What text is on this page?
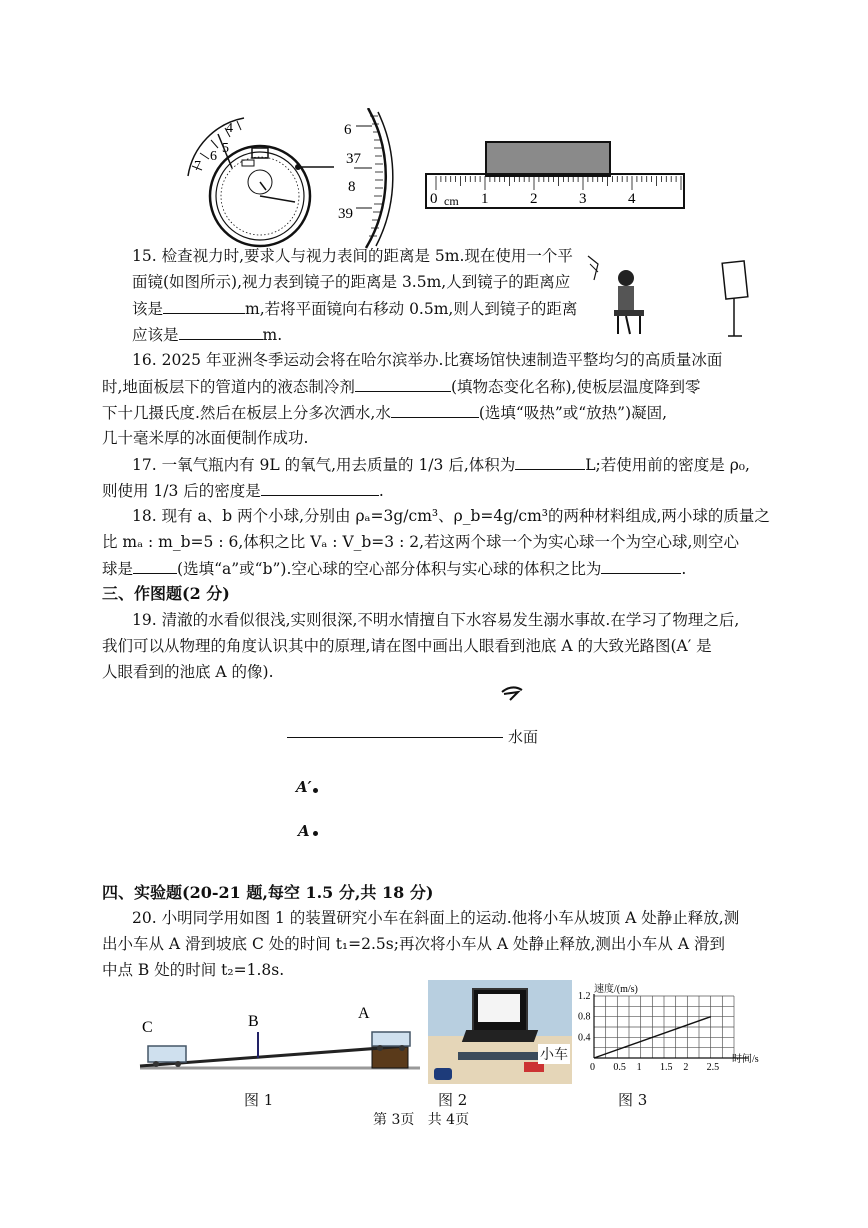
4
5
6
7
6
37
8
39
0 cm 1	2	3	4
15. 检查视力时,要求人与视力表间的距离是 5m.现在使用一个平
面镜(如图所示),视力表到镜子的距离是 3.5m,人到镜子的距离应
该是	m,若将平面镜向右移动 0.5m,则人到镜子的距离
应该是	m.
16. 2025 年亚洲冬季运动会将在哈尔滨举办.比赛场馆快速制造平整均匀的高质量冰面
时,地面板层下的管道内的液态制冷剂	(填物态变化名称),使板层温度降到零
下十几摄氏度.然后在板层上分多次洒水,水	(选填“吸热”或“放热”)凝固,
几十毫米厚的冰面便制作成功.
17. 一氧气瓶内有 9L 的氧气,用去质量的 1/3 后,体积为	L;若使用前的密度是 ρ₀,
则使用 1/3 后的密度是	.
18. 现有 a、b 两个小球,分别由 ρₐ=3g/cm³、ρ_b=4g/cm³的两种材料组成,两小球的质量之
比 mₐ : m_b=5 : 6,体积之比 Vₐ : V_b=3 : 2,若这两个球一个为实心球一个为空心球,则空心
球是	(选填“a”或“b”).空心球的空心部分体积与实心球的体积之比为	.
三、作图题(2 分)
19. 清澈的水看似很浅,实则很深,不明水情擅自下水容易发生溺水事故.在学习了物理之后,
我们可以从物理的角度认识其中的原理,请在图中画出人眼看到池底 A 的大致光路图(A′ 是
人眼看到的池底 A 的像).
水面
A′
A
四、实验题(20-21 题,每空 1.5 分,共 18 分)
20. 小明同学用如图 1 的装置研究小车在斜面上的运动.他将小车从坡顶 A 处静止释放,测
出小车从 A 滑到坡底 C 处的时间 t₁=2.5s;再次将小车从 A 处静止释放,测出小车从 A 滑到
中点 B 处的时间 t₂=1.8s.
A
B
C
图 1
小车
图 2
速度/(m/s)
时间/s
0 0.5 1 1.5 2 2.5
0.4
0.8
1.2
图 3
第 3页   共 4页
